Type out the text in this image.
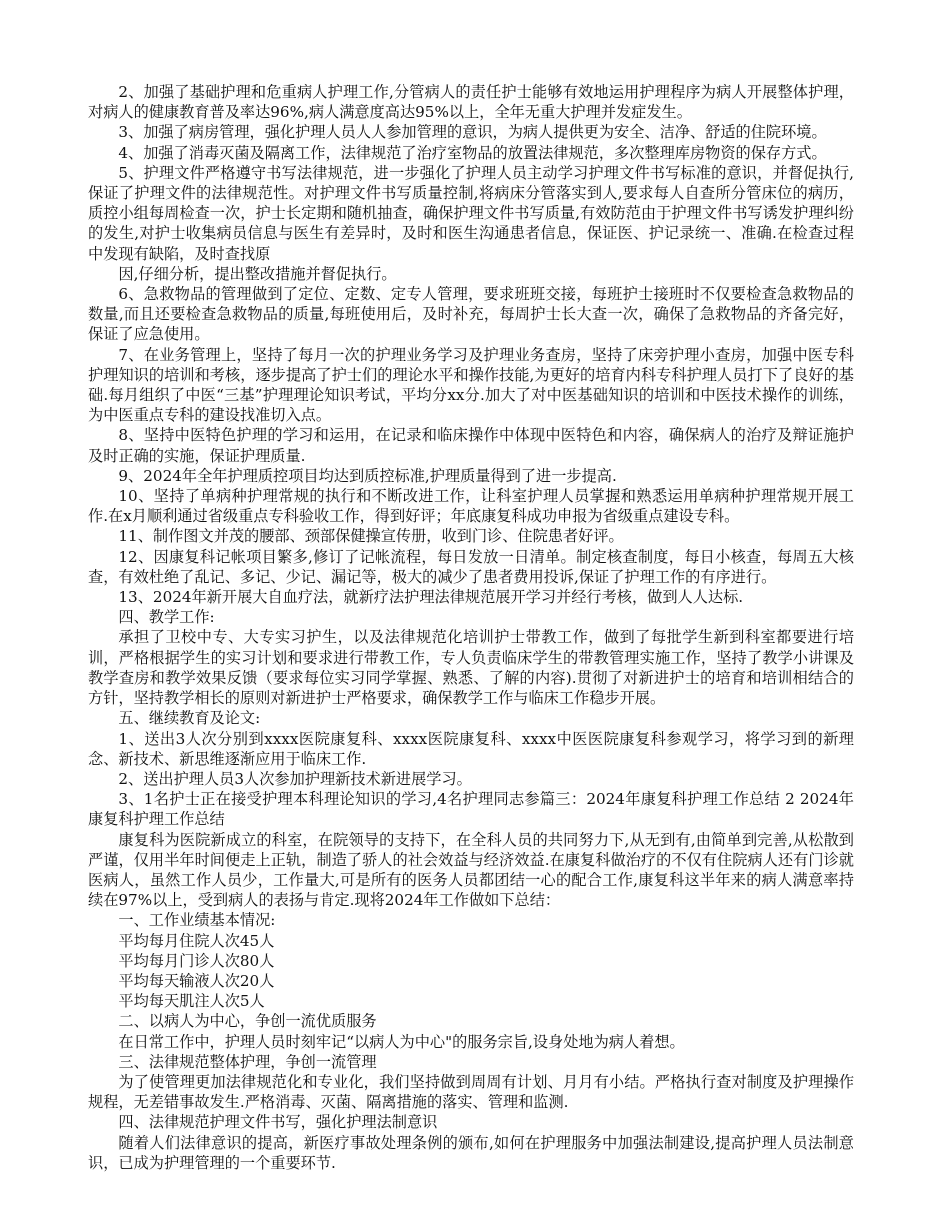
2、加强了基础护理和危重病人护理工作,分管病人的责任护士能够有效地运用护理程序为病人开展整体护理，对病人的健康教育普及率达96%,病人满意度高达95%以上，全年无重大护理并发症发生。

3、加强了病房管理，强化护理人员人人参加管理的意识，为病人提供更为安全、洁净、舒适的住院环境。

4、加强了消毒灭菌及隔离工作，法律规范了治疗室物品的放置法律规范，多次整理库房物资的保存方式。

5、护理文件严格遵守书写法律规范，进一步强化了护理人员主动学习护理文件书写标准的意识，并督促执行,保证了护理文件的法律规范性。对护理文件书写质量控制,将病床分管落实到人,要求每人自查所分管床位的病历，质控小组每周检查一次，护士长定期和随机抽查，确保护理文件书写质量,有效防范由于护理文件书写诱发护理纠纷的发生,对护士收集病员信息与医生有差异时，及时和医生沟通患者信息，保证医、护记录统一、准确.在检查过程中发现有缺陷，及时查找原

因,仔细分析，提出整改措施并督促执行。

6、急救物品的管理做到了定位、定数、定专人管理，要求班班交接，每班护士接班时不仅要检查急救物品的数量,而且还要检查急救物品的质量,每班使用后，及时补充，每周护士长大查一次，确保了急救物品的齐备完好，保证了应急使用。

7、在业务管理上，坚持了每月一次的护理业务学习及护理业务查房，坚持了床旁护理小查房，加强中医专科护理知识的培训和考核，逐步提高了护士们的理论水平和操作技能,为更好的培育内科专科护理人员打下了良好的基础.每月组织了中医“三基”护理理论知识考试，平均分xx分.加大了对中医基础知识的培训和中医技术操作的训练，为中医重点专科的建设找准切入点。

8、坚持中医特色护理的学习和运用，在记录和临床操作中体现中医特色和内容，确保病人的治疗及辩证施护及时正确的实施，保证护理质量.

9、2024年全年护理质控项目均达到质控标准,护理质量得到了进一步提高.

10、坚持了单病种护理常规的执行和不断改进工作，让科室护理人员掌握和熟悉运用单病种护理常规开展工作.在x月顺利通过省级重点专科验收工作，得到好评；年底康复科成功申报为省级重点建设专科。

11、制作图文并茂的腰部、颈部保健操宣传册，收到门诊、住院患者好评。

12、因康复科记帐项目繁多,修订了记帐流程，每日发放一日清单。制定核查制度，每日小核查，每周五大核查，有效杜绝了乱记、多记、少记、漏记等，极大的减少了患者费用投诉,保证了护理工作的有序进行。

13、2024年新开展大自血疗法，就新疗法护理法律规范展开学习并经行考核，做到人人达标.

四、教学工作:

承担了卫校中专、大专实习护生，以及法律规范化培训护士带教工作，做到了每批学生新到科室都要进行培训，严格根据学生的实习计划和要求进行带教工作，专人负责临床学生的带教管理实施工作，坚持了教学小讲课及教学查房和教学效果反馈（要求每位实习同学掌握、熟悉、了解的内容).贯彻了对新进护士的培育和培训相结合的方针，坚持教学相长的原则对新进护士严格要求，确保教学工作与临床工作稳步开展。

五、继续教育及论文:

1、送出3人次分别到xxxx医院康复科、xxxx医院康复科、xxxx中医医院康复科参观学习，将学习到的新理念、新技术、新思维逐渐应用于临床工作.

2、送出护理人员3人次参加护理新技术新进展学习。

3、1名护士正在接受护理本科理论知识的学习,4名护理同志参篇三：2024年康复科护理工作总结 2 2024年康复科护理工作总结

康复科为医院新成立的科室，在院领导的支持下，在全科人员的共同努力下,从无到有,由简单到完善,从松散到严谨，仅用半年时间便走上正轨，制造了骄人的社会效益与经济效益.在康复科做治疗的不仅有住院病人还有门诊就医病人，虽然工作人员少，工作量大,可是所有的医务人员都团结一心的配合工作,康复科这半年来的病人满意率持续在97%以上，受到病人的表扬与肯定.现将2024年工作做如下总结：

一、工作业绩基本情况:

平均每月住院人次45人

平均每月门诊人次80人

平均每天输液人次20人

平均每天肌注人次5人

二、以病人为中心，争创一流优质服务

在日常工作中，护理人员时刻牢记“以病人为中心"的服务宗旨,设身处地为病人着想。

三、法律规范整体护理，争创一流管理

为了使管理更加法律规范化和专业化，我们坚持做到周周有计划、月月有小结。严格执行查对制度及护理操作规程，无差错事故发生.严格消毒、灭菌、隔离措施的落实、管理和监测.

四、法律规范护理文件书写，强化护理法制意识

随着人们法律意识的提高，新医疗事故处理条例的颁布,如何在护理服务中加强法制建设,提高护理人员法制意识，已成为护理管理的一个重要环节.
